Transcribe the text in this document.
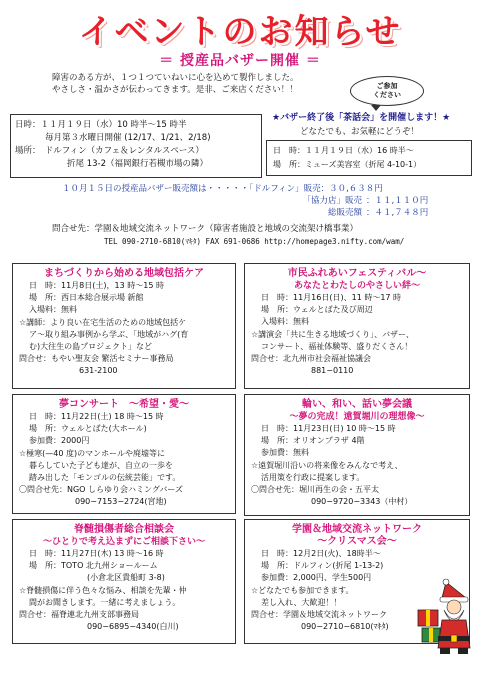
イベントのお知らせ
＝ 授産品バザー開催 ＝
障害のある方が、１つ１つていねいに心を込めて製作しました。
やさしさ・温かさが伝わってきます。是非、ご来店ください！！	ご参加
ください
日時：１１月１９日（水）10 時半〜15 時半
毎月第３水曜日開催 (12/17、1/21、2/18)
場所：　ドルフィン（カフェ＆レンタルスペース）
折尾 13-2（福岡銀行若槻市場の隣）
★バザー終了後「茶話会」を開催します！★
どなたでも、お気軽にどうぞ！
日　時：１１月１９日（水）16 時半〜
場　所：ミューズ美容室（折尾 4-10-1）
１０月１５日の授産品バザー販売額は・・・・・「ドルフィン」販売：３０,６３８円
「協力店」販売 ：１１,１１０円
総販売額 ：４１,７４８円
問合せ先：学園＆地域交流ネットワーク（障害者施設と地域の交流架け橋事業）
TEL 090-2710-6810(ﾏｷﾀ) FAX 691-0686 http://homepage3.nifty.com/wam/
まちづくりから始める地域包括ケア
日　時：11月8日(土)，13 時〜15 時
場　所：西日本総合展示場 新館
入場料：無料
☆講師：より良い在宅生活のための地域包括ケ
ア〜取り組み事例から学ぶ、「地域がハグ(育
む)大往生の島プロジェクト」など
問合せ：もやい聖友会 繁活セミナー事務局
631-2100
市民ふれあいフェスティバル〜
あなたとわたしのやさしい絆〜
日　時：11月16日(日)、11 時〜17 時
場　所：ウェルとばた及び周辺
入場料：無料
☆講演会「共に生きる地域づくり」、バザー、
コンサート、福祉体験等、盛りだくさん！
問合せ：北九州市社会福祉協議会
881−0110
夢コンサート　〜希望・愛〜
日　時：11月22日(土) 18 時〜15 時
場　所：ウェルとばた(大ホール)
参加費：2000円
☆極寒(—40 度)のマンホールや廃墟等に
暮らしていた子ども達が、自立の一歩を
踏み出した「モンゴルの伝統芸能」です。
〇問合せ先：NGO しらゆり会ハミングバーズ
090−7153−2724(宮地)
輪い、和い、話い夢会議
〜夢の完成！遠賀堀川の理想像〜
日　時：11月23日(日) 10 時〜15 時
場　所：オリオンプラザ 4階
参加費：無料
☆遠賀堀川沿いの将来像をみんなで考え、
活用策を行政に提案します。
〇問合せ先：堀川再生の会・五平太
090−9720−3343（中村）
脊髄損傷者総合相談会
〜ひとりで考え込まずにご相談下さい〜
日　時：11月27日(木) 13 時〜16 時
場　所：TOTO 北九州ショールーム
(小倉北区貴船町 3-8)
☆脊髄損傷に伴う色々な悩み、相談を先輩・仲
間がお聞きします。一緒に考えましょう。
問合せ：福脊連北九州支部事務局
090−6895−4340(白川)
学園＆地域交流ネットワーク
〜クリスマス会〜
日　時：12月2日(火)、18時半〜
場　所：ドルフィン(折尾 1-13-2)
参加費：2,000円、学生500円
☆どなたでも参加できます。
差し入れ、大歓迎！！
問合せ：学園＆地域交流ネットワーク
090−2710−6810(ﾏｷﾀ)
